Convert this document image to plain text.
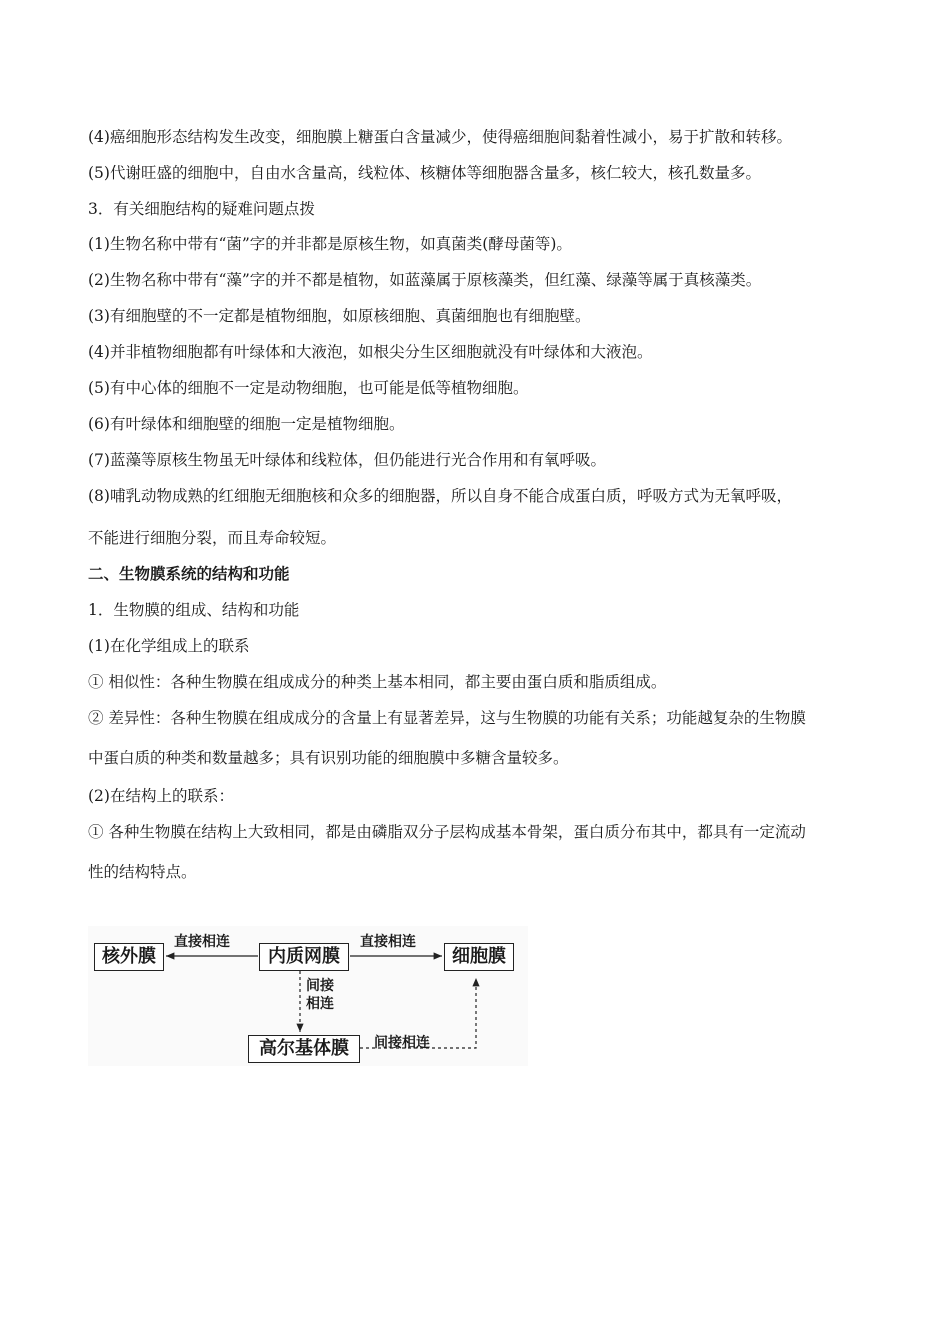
(4)癌细胞形态结构发生改变，细胞膜上糖蛋白含量减少，使得癌细胞间黏着性减小，易于扩散和转移。
(5)代谢旺盛的细胞中，自由水含量高，线粒体、核糖体等细胞器含量多，核仁较大，核孔数量多。
3．有关细胞结构的疑难问题点拨
(1)生物名称中带有“菌”字的并非都是原核生物，如真菌类(酵母菌等)。
(2)生物名称中带有“藻”字的并不都是植物，如蓝藻属于原核藻类，但红藻、绿藻等属于真核藻类。
(3)有细胞壁的不一定都是植物细胞，如原核细胞、真菌细胞也有细胞壁。
(4)并非植物细胞都有叶绿体和大液泡，如根尖分生区细胞就没有叶绿体和大液泡。
(5)有中心体的细胞不一定是动物细胞，也可能是低等植物细胞。
(6)有叶绿体和细胞壁的细胞一定是植物细胞。
(7)蓝藻等原核生物虽无叶绿体和线粒体，但仍能进行光合作用和有氧呼吸。
(8)哺乳动物成熟的红细胞无细胞核和众多的细胞器，所以自身不能合成蛋白质，呼吸方式为无氧呼吸，
不能进行细胞分裂，而且寿命较短。
二、生物膜系统的结构和功能
1．生物膜的组成、结构和功能
(1)在化学组成上的联系
① 相似性：各种生物膜在组成成分的种类上基本相同，都主要由蛋白质和脂质组成。
② 差异性：各种生物膜在组成成分的含量上有显著差异，这与生物膜的功能有关系；功能越复杂的生物膜
中蛋白质的种类和数量越多；具有识别功能的细胞膜中多糖含量较多。
(2)在结构上的联系：
① 各种生物膜在结构上大致相同，都是由磷脂双分子层构成基本骨架，蛋白质分布其中，都具有一定流动
性的结构特点。
核外膜	内质网膜	细胞膜
高尔基体膜
直接相连	直接相连
间接
相连
间接相连
